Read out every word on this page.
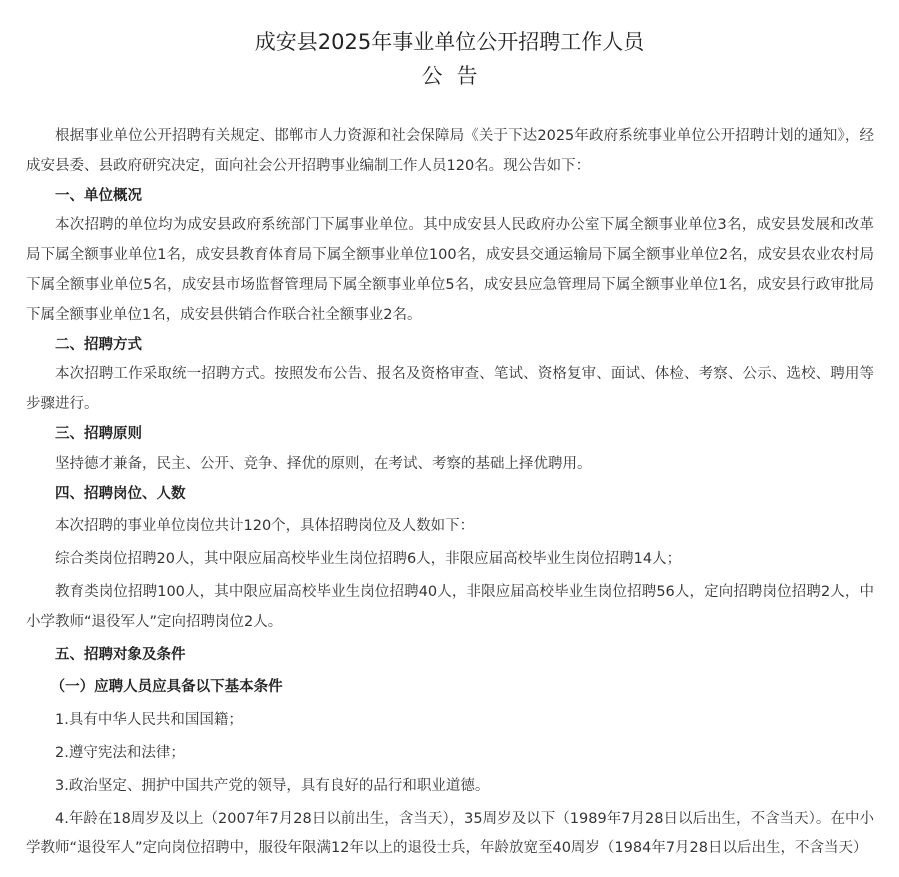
成安县2025年事业单位公开招聘工作人员
公告

根据事业单位公开招聘有关规定、邯郸市人力资源和社会保障局《关于下达2025年政府系统事业单位公开招聘计划的通知》，经成安县委、县政府研究决定，面向社会公开招聘事业编制工作人员120名。现公告如下：

一、单位概况

本次招聘的单位均为成安县政府系统部门下属事业单位。其中成安县人民政府办公室下属全额事业单位3名，成安县发展和改革局下属全额事业单位1名，成安县教育体育局下属全额事业单位100名，成安县交通运输局下属全额事业单位2名，成安县农业农村局下属全额事业单位5名，成安县市场监督管理局下属全额事业单位5名，成安县应急管理局下属全额事业单位1名，成安县行政审批局下属全额事业单位1名，成安县供销合作联合社全额事业2名。

二、招聘方式

本次招聘工作采取统一招聘方式。按照发布公告、报名及资格审查、笔试、资格复审、面试、体检、考察、公示、选校、聘用等步骤进行。

三、招聘原则

坚持德才兼备，民主、公开、竞争、择优的原则，在考试、考察的基础上择优聘用。

四、招聘岗位、人数

本次招聘的事业单位岗位共计120个，具体招聘岗位及人数如下：

综合类岗位招聘20人，其中限应届高校毕业生岗位招聘6人，非限应届高校毕业生岗位招聘14人；

教育类岗位招聘100人，其中限应届高校毕业生岗位招聘40人，非限应届高校毕业生岗位招聘56人，定向招聘岗位招聘2人，中小学教师“退役军人”定向招聘岗位2人。

五、招聘对象及条件

（一）应聘人员应具备以下基本条件

1.具有中华人民共和国国籍；

2.遵守宪法和法律；

3.政治坚定、拥护中国共产党的领导，具有良好的品行和职业道德。

4.年龄在18周岁及以上（2007年7月28日以前出生，含当天），35周岁及以下（1989年7月28日以后出生，不含当天）。在中小学教师“退役军人”定向岗位招聘中，服役年限满12年以上的退役士兵，年龄放宽至40周岁（1984年7月28日以后出生，不含当天）
